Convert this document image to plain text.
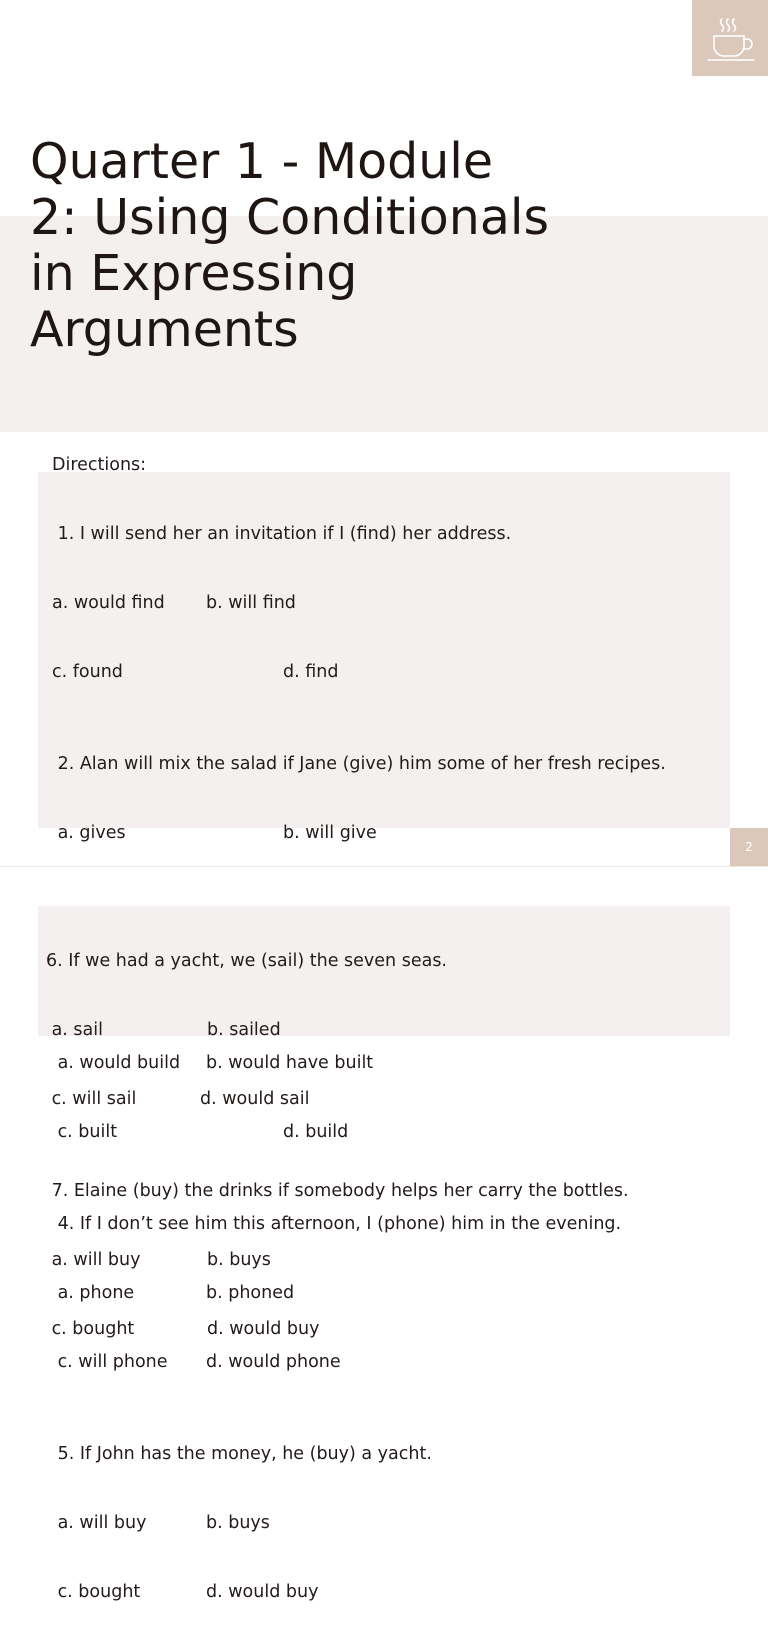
Quarter 1 - Module 2: Using Conditionals in Expressing Arguments
Directions:

1. I will send her an invitation if I (find) her address.

a. would find b. will find

c. found	d. find

2. Alan will mix the salad if Jane (give) him some of her fresh recipes.

a. gives	b. will give

a. would build b. would have built

c. built	d. build

4. If I don’t see him this afternoon, I (phone) him in the evening.

a. phone	b. phoned

c. will phone d. would phone

5. If John has the money, he (buy) a yacht.

a. will buy	b. buys

c. bought	d. would buy

2

6. If we had a yacht, we (sail) the seven seas.

a. sail	b. sailed

c. will sail	d. would sail

7. Elaine (buy) the drinks if somebody helps her carry the bottles.

a. will buy	b. buys

c. bought	d. would buy
